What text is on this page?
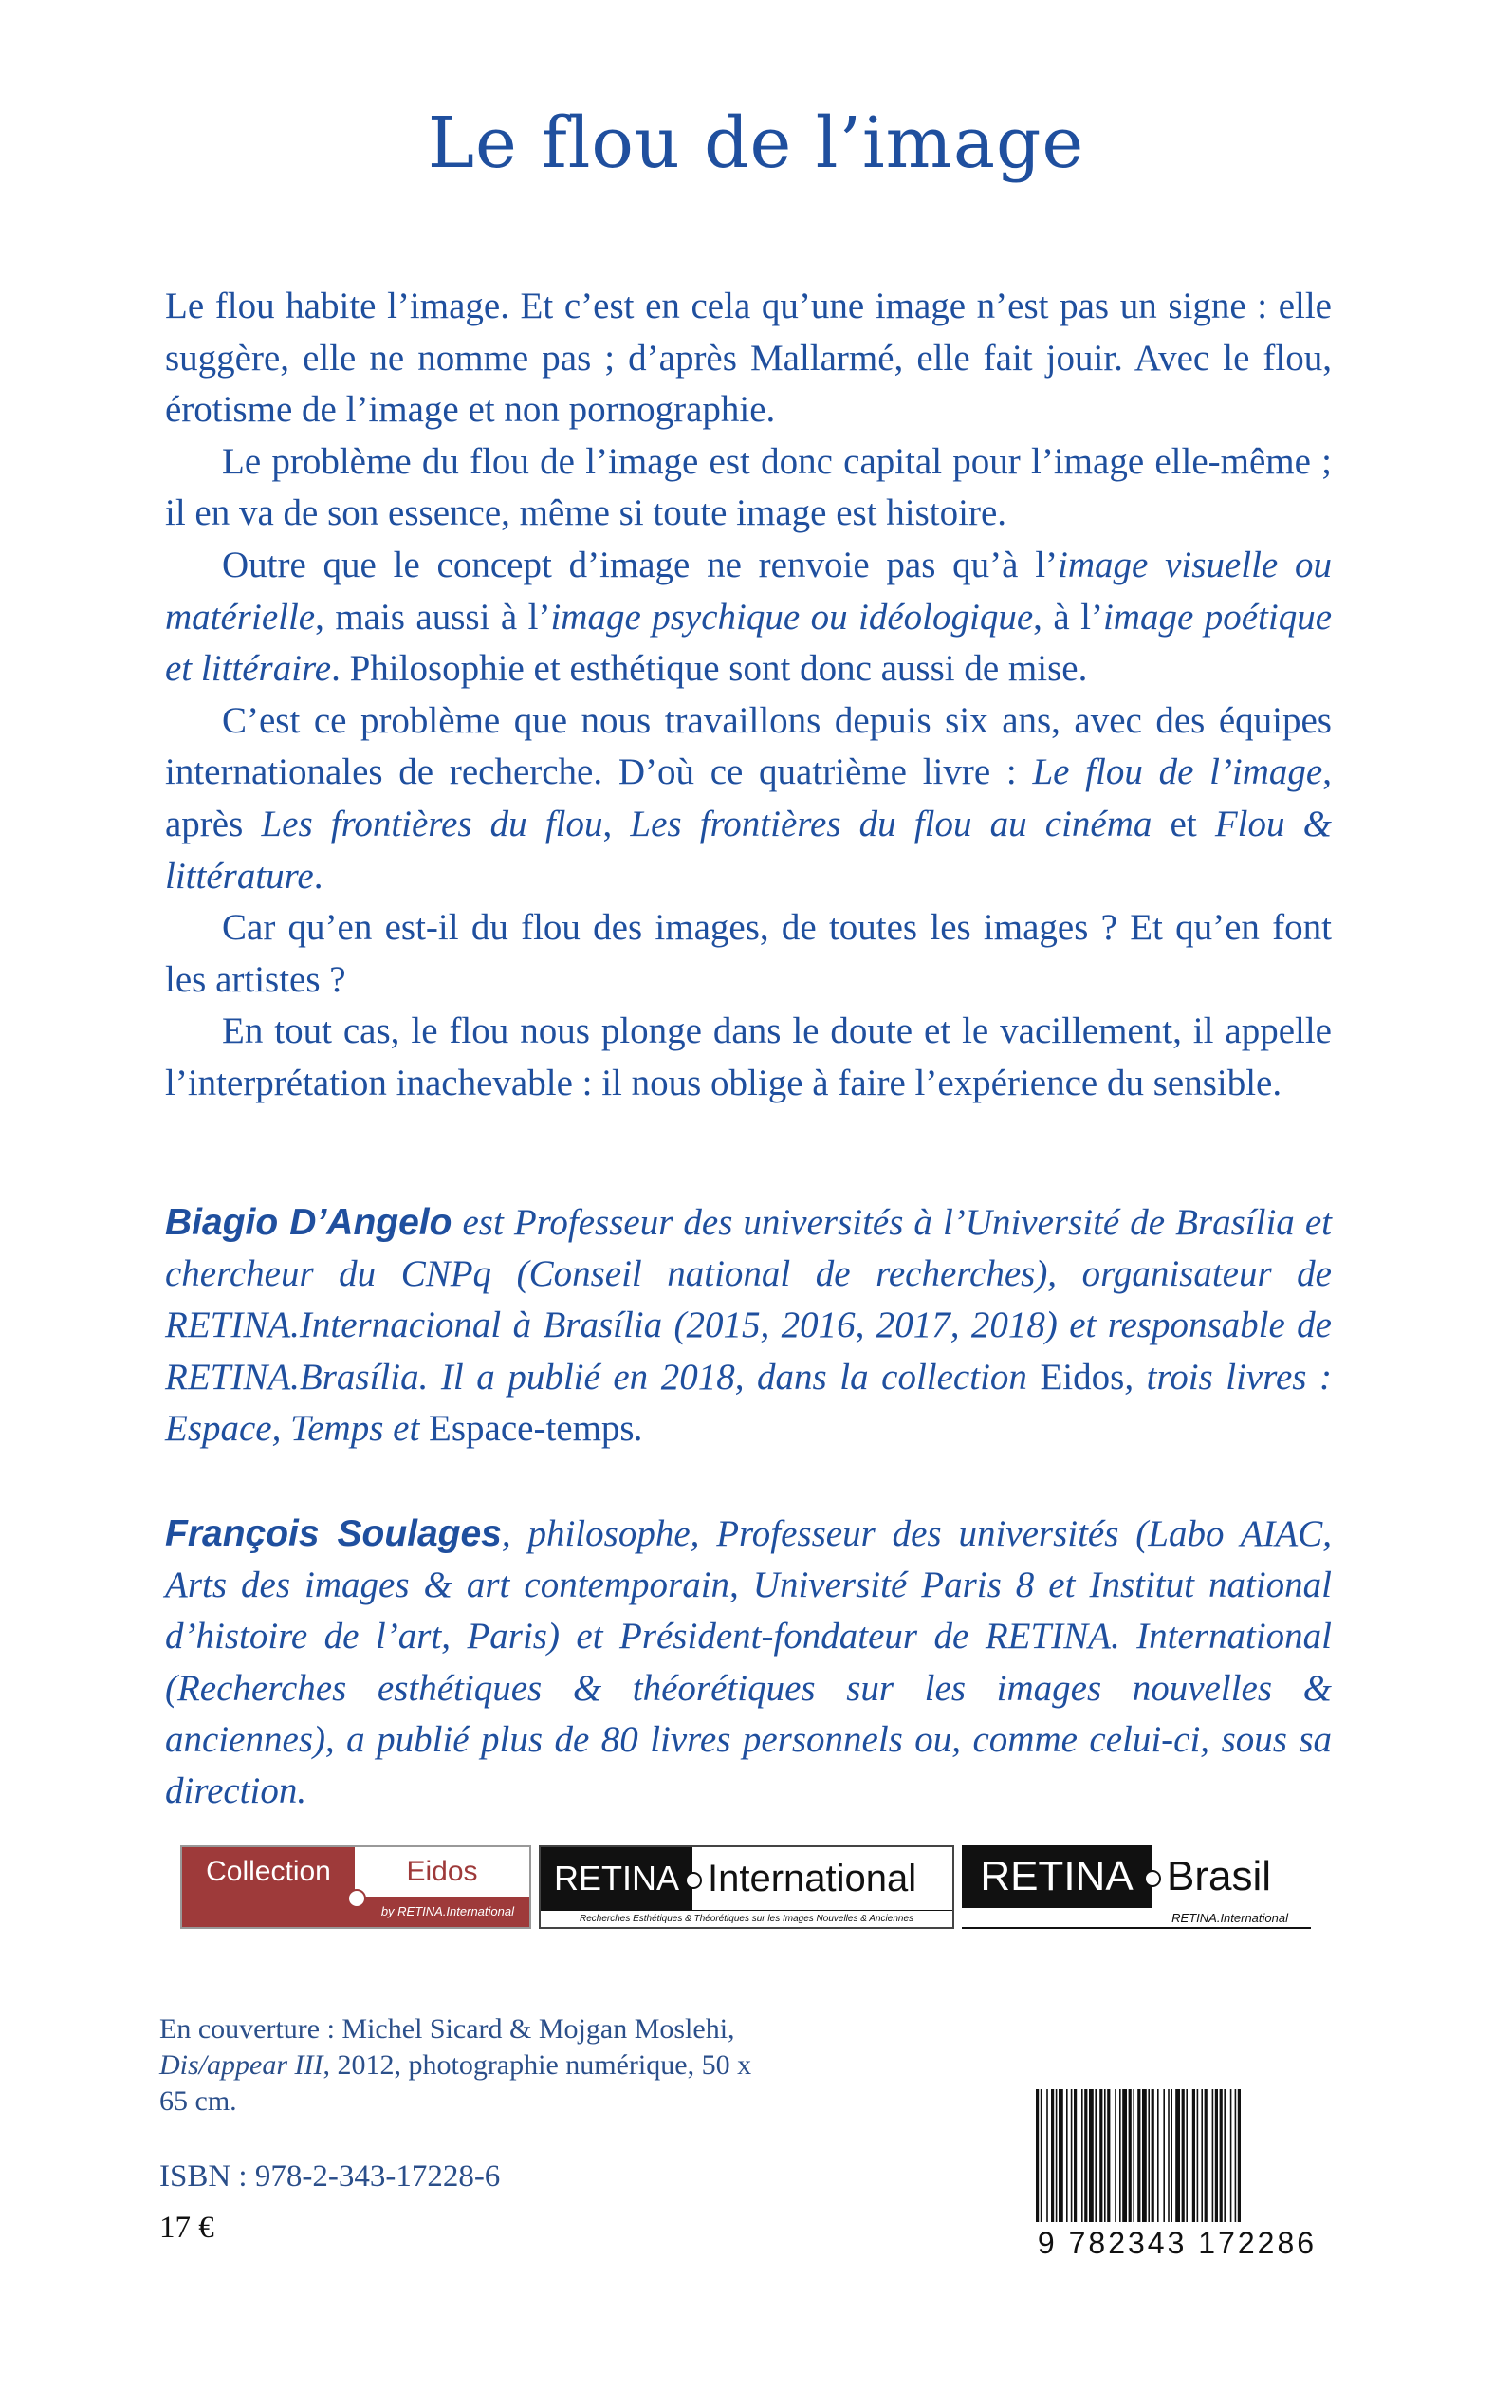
Le flou de l’image

Le flou habite l’image. Et c’est en cela qu’une image n’est pas un signe : elle suggère, elle ne nomme pas ; d’après Mallarmé, elle fait jouir. Avec le flou, érotisme de l’image et non pornographie.

Le problème du flou de l’image est donc capital pour l’image elle-même ; il en va de son essence, même si toute image est histoire.

Outre que le concept d’image ne renvoie pas qu’à l’image visuelle ou matérielle, mais aussi à l’image psychique ou idéologique, à l’image poétique et littéraire. Philosophie et esthétique sont donc aussi de mise.

C’est ce problème que nous travaillons depuis six ans, avec des équipes internationales de recherche. D’où ce quatrième livre : Le flou de l’image, après Les frontières du flou, Les frontières du flou au cinéma et Flou & littérature.

Car qu’en est-il du flou des images, de toutes les images ? Et qu’en font les artistes ?

En tout cas, le flou nous plonge dans le doute et le vacillement, il appelle l’interprétation inachevable : il nous oblige à faire l’expérience du sensible.

Biagio D’Angelo est Professeur des universités à l’Université de Brasília et chercheur du CNPq (Conseil national de recherches), organisateur de RETINA.Internacional à Brasília (2015, 2016, 2017, 2018) et responsable de RETINA.Brasília. Il a publié en 2018, dans la collection Eidos, trois livres : Espace, Temps et Espace-temps.
François Soulages, philosophe, Professeur des universités (Labo AIAC, Arts des images & art contemporain, Université Paris 8 et Institut national d’histoire de l’art, Paris) et Président-fondateur de RETINA. International (Recherches esthétiques & théorétiques sur les images nouvelles & anciennes), a publié plus de 80 livres personnels ou, comme celui-ci, sous sa direction.
Collection	Eidos
by RETINA.International
RETINA International
Recherches Esthétiques & Théorétiques sur les Images Nouvelles & Anciennes
RETINA Brasil
RETINA.International
En couverture : Michel Sicard & Mojgan Moslehi, Dis/appear III, 2012, photographie numérique, 50 x 65 cm.
ISBN : 978-2-343-17228-6
17 €	9 782343 172286
